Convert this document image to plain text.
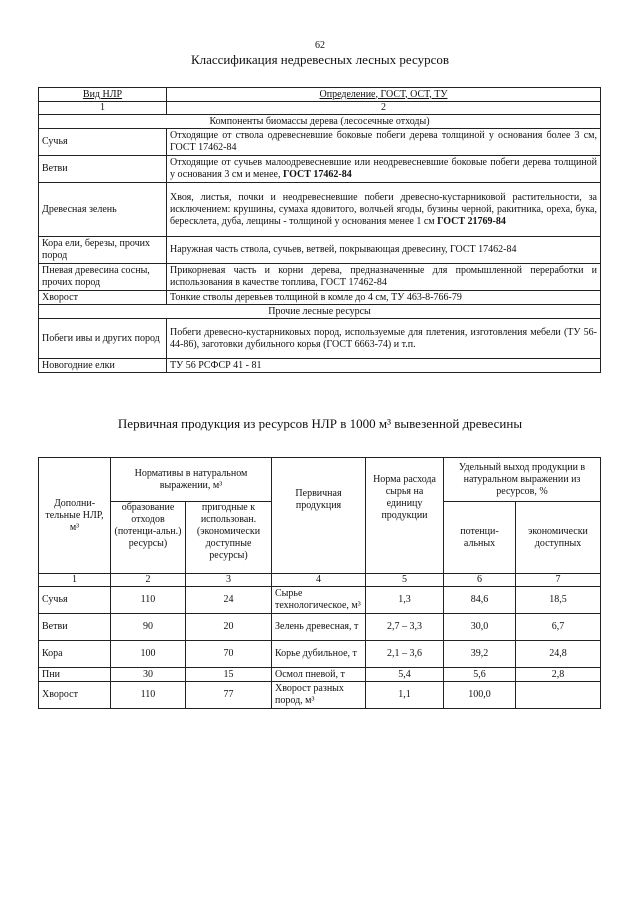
62
Классификация недревесных лесных ресурсов
Вид НЛР	Определение, ГОСТ, ОСТ, ТУ
1	2
Компоненты биомассы дерева (лесосечные отходы)	
Сучья	Отходящие от ствола одревесневшие боковые побеги дерева толщиной у основания более 3 см, ГОСТ 17462-84
Ветви	Отходящие от сучьев малоодревесневшие или неодревесневшие боковые побеги дерева толщиной у основания 3 см и менее, ГОСТ 17462-84
Древесная зелень	Хвоя, листья, почки и неодревесневшие побеги древесно-кустарниковой растительности, за исключением: крушины, сумаха ядовитого, волчьей ягоды, бузины черной, ракитника, ореха, бука, бересклета, дуба, лещины - толщиной у основания менее 1 см ГОСТ 21769-84
Кора ели, березы, прочих пород	Наружная часть ствола, сучьев, ветвей, покрывающая древесину, ГОСТ 17462-84
Пневая древесина сосны, прочих пород	Прикорневая часть и корни дерева, предназначенные для промышленной переработки и использования в качестве топлива, ГОСТ 17462-84
Хворост	Тонкие стволы деревьев толщиной в комле до 4 см, ТУ 463-8-766-79
Прочие лесные ресурсы	
Побеги ивы и других пород	Побеги древесно-кустарниковых пород, используемые для плетения, изготовления мебели (ТУ 56-44-86), заготовки дубильного корья (ГОСТ 6663-74) и т.п.
Новогодние елки	ТУ 56 РСФСР 41 - 81
Первичная продукция из ресурсов НЛР в 1000 м³ вывезенной древесины
Дополни-тельные НЛР, м³	Нормативы в натуральном выражении, м³		Первичная продукция	Норма расхода сырья на единицу продукции	Удельный выход продукции в натуральном выражении из ресурсов, %	
	образование отходов (потенци-альн.) ресурсы)	пригодные к использован. (экономически доступные ресурсы)			потенци-альных	экономически доступных
1	2	3	4	5	6	7
Сучья	110	24	Сырье технологическое, м³	1,3	84,6	18,5
Ветви	90	20	Зелень древесная, т	2,7 – 3,3	30,0	6,7
Кора	100	70	Корье дубильное, т	2,1 – 3,6	39,2	24,8
Пни	30	15	Осмол пневой, т	5,4	5,6	2,8
Хворост	110	77	Хворост разных пород, м³	1,1	100,0	
